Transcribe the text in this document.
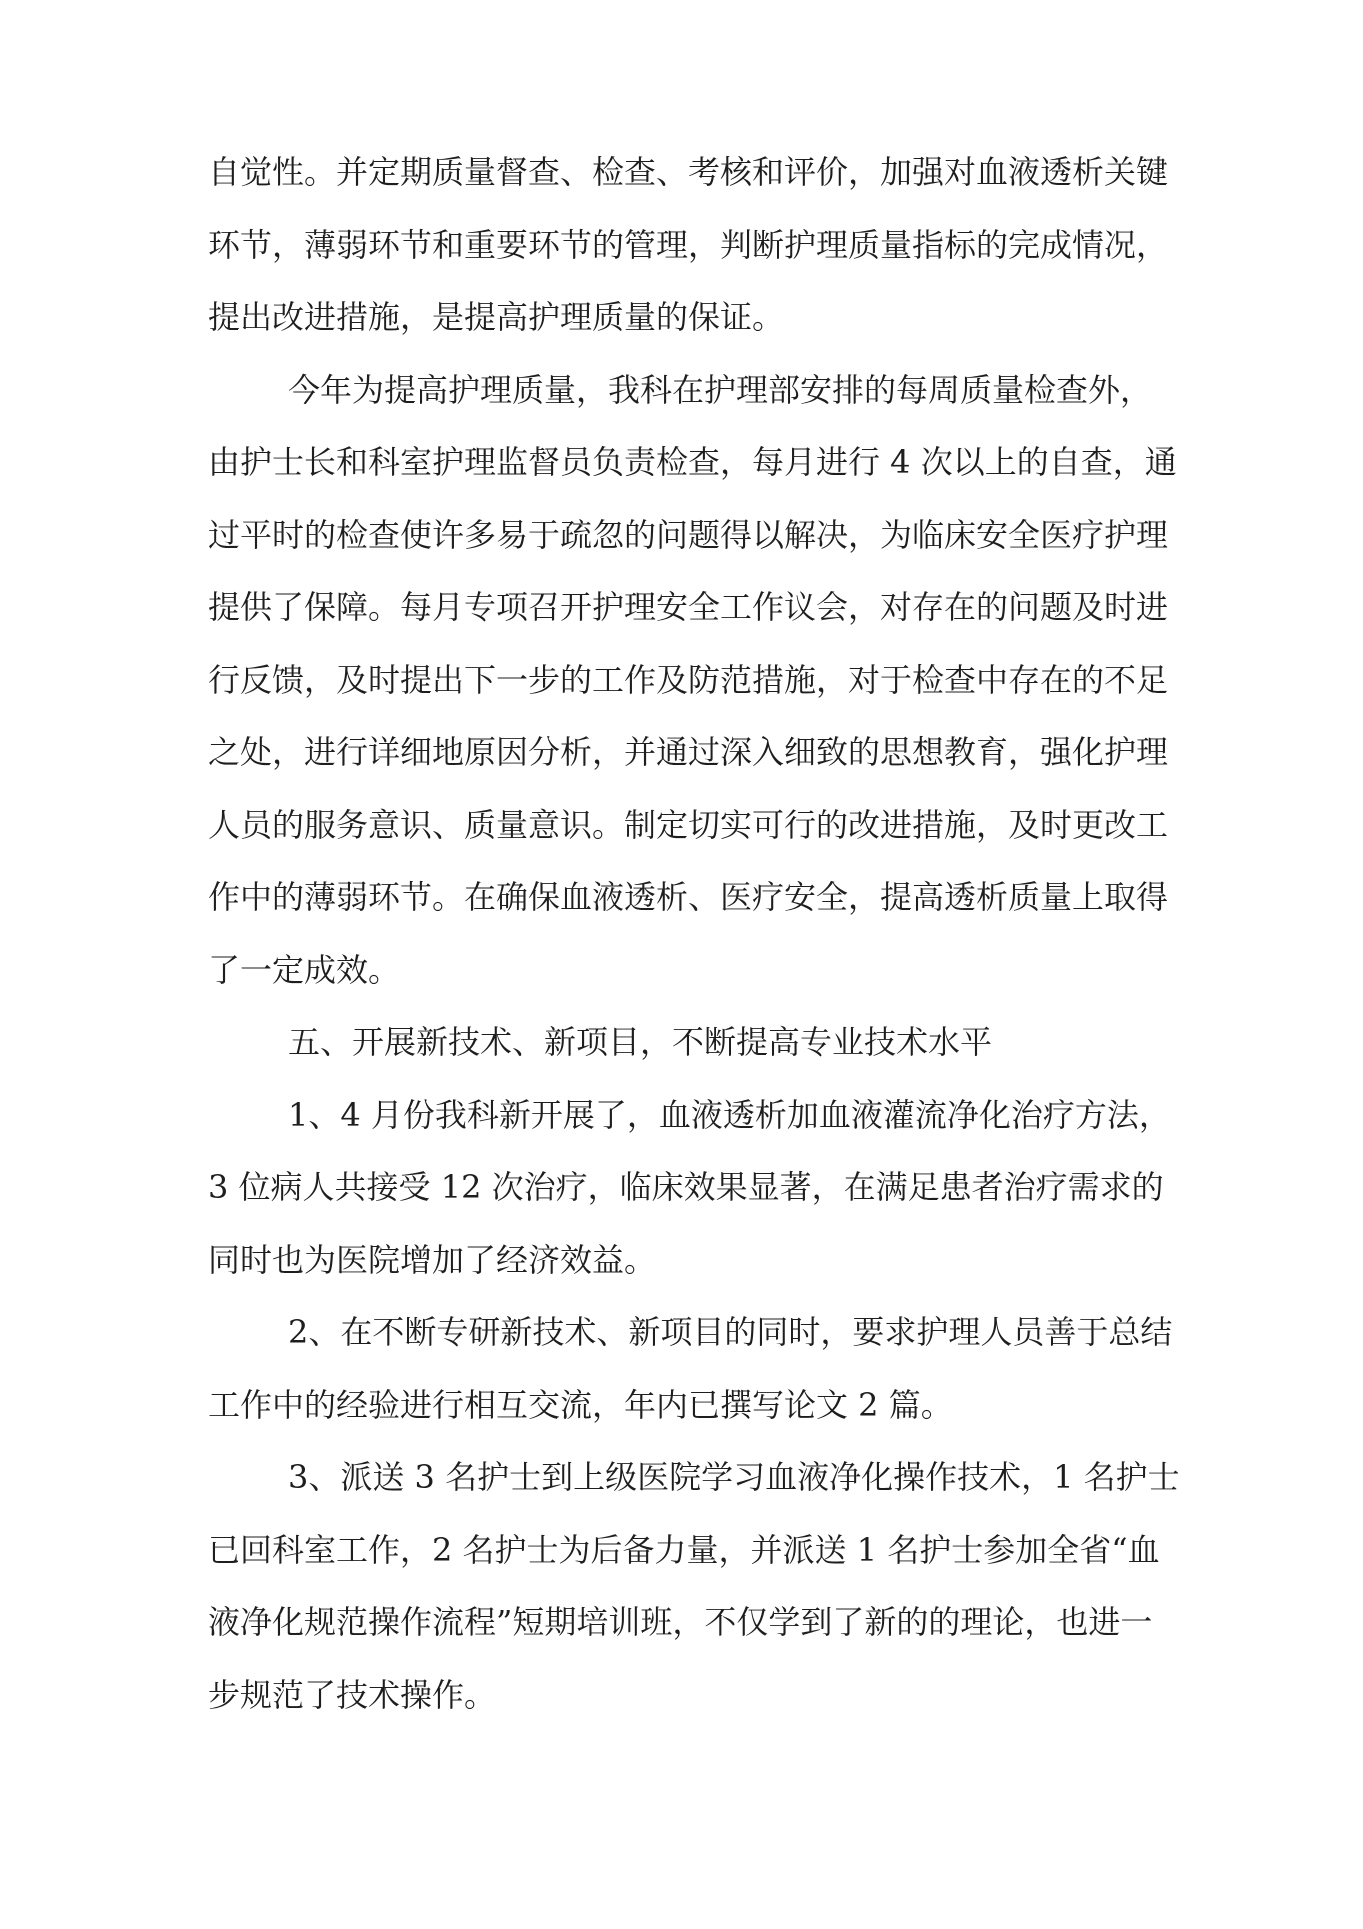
自觉性。并定期质量督查、检查、考核和评价，加强对血液透析关键
环节，薄弱环节和重要环节的管理，判断护理质量指标的完成情况，
提出改进措施，是提高护理质量的保证。

今年为提高护理质量，我科在护理部安排的每周质量检查外，
由护士长和科室护理监督员负责检查，每月进行 4 次以上的自查，通
过平时的检查使许多易于疏忽的问题得以解决，为临床安全医疗护理
提供了保障。每月专项召开护理安全工作议会，对存在的问题及时进
行反馈，及时提出下一步的工作及防范措施，对于检查中存在的不足
之处，进行详细地原因分析，并通过深入细致的思想教育，强化护理
人员的服务意识、质量意识。制定切实可行的改进措施，及时更改工
作中的薄弱环节。在确保血液透析、医疗安全，提高透析质量上取得
了一定成效。

五、开展新技术、新项目，不断提高专业技术水平

1、4 月份我科新开展了，血液透析加血液灌流净化治疗方法，
3 位病人共接受 12 次治疗，临床效果显著，在满足患者治疗需求的
同时也为医院增加了经济效益。

2、在不断专研新技术、新项目的同时，要求护理人员善于总结
工作中的经验进行相互交流，年内已撰写论文 2 篇。

3、派送 3 名护士到上级医院学习血液净化操作技术，1 名护士
已回科室工作，2 名护士为后备力量，并派送 1 名护士参加全省“血
液净化规范操作流程”短期培训班，不仅学到了新的的理论，也进一
步规范了技术操作。
